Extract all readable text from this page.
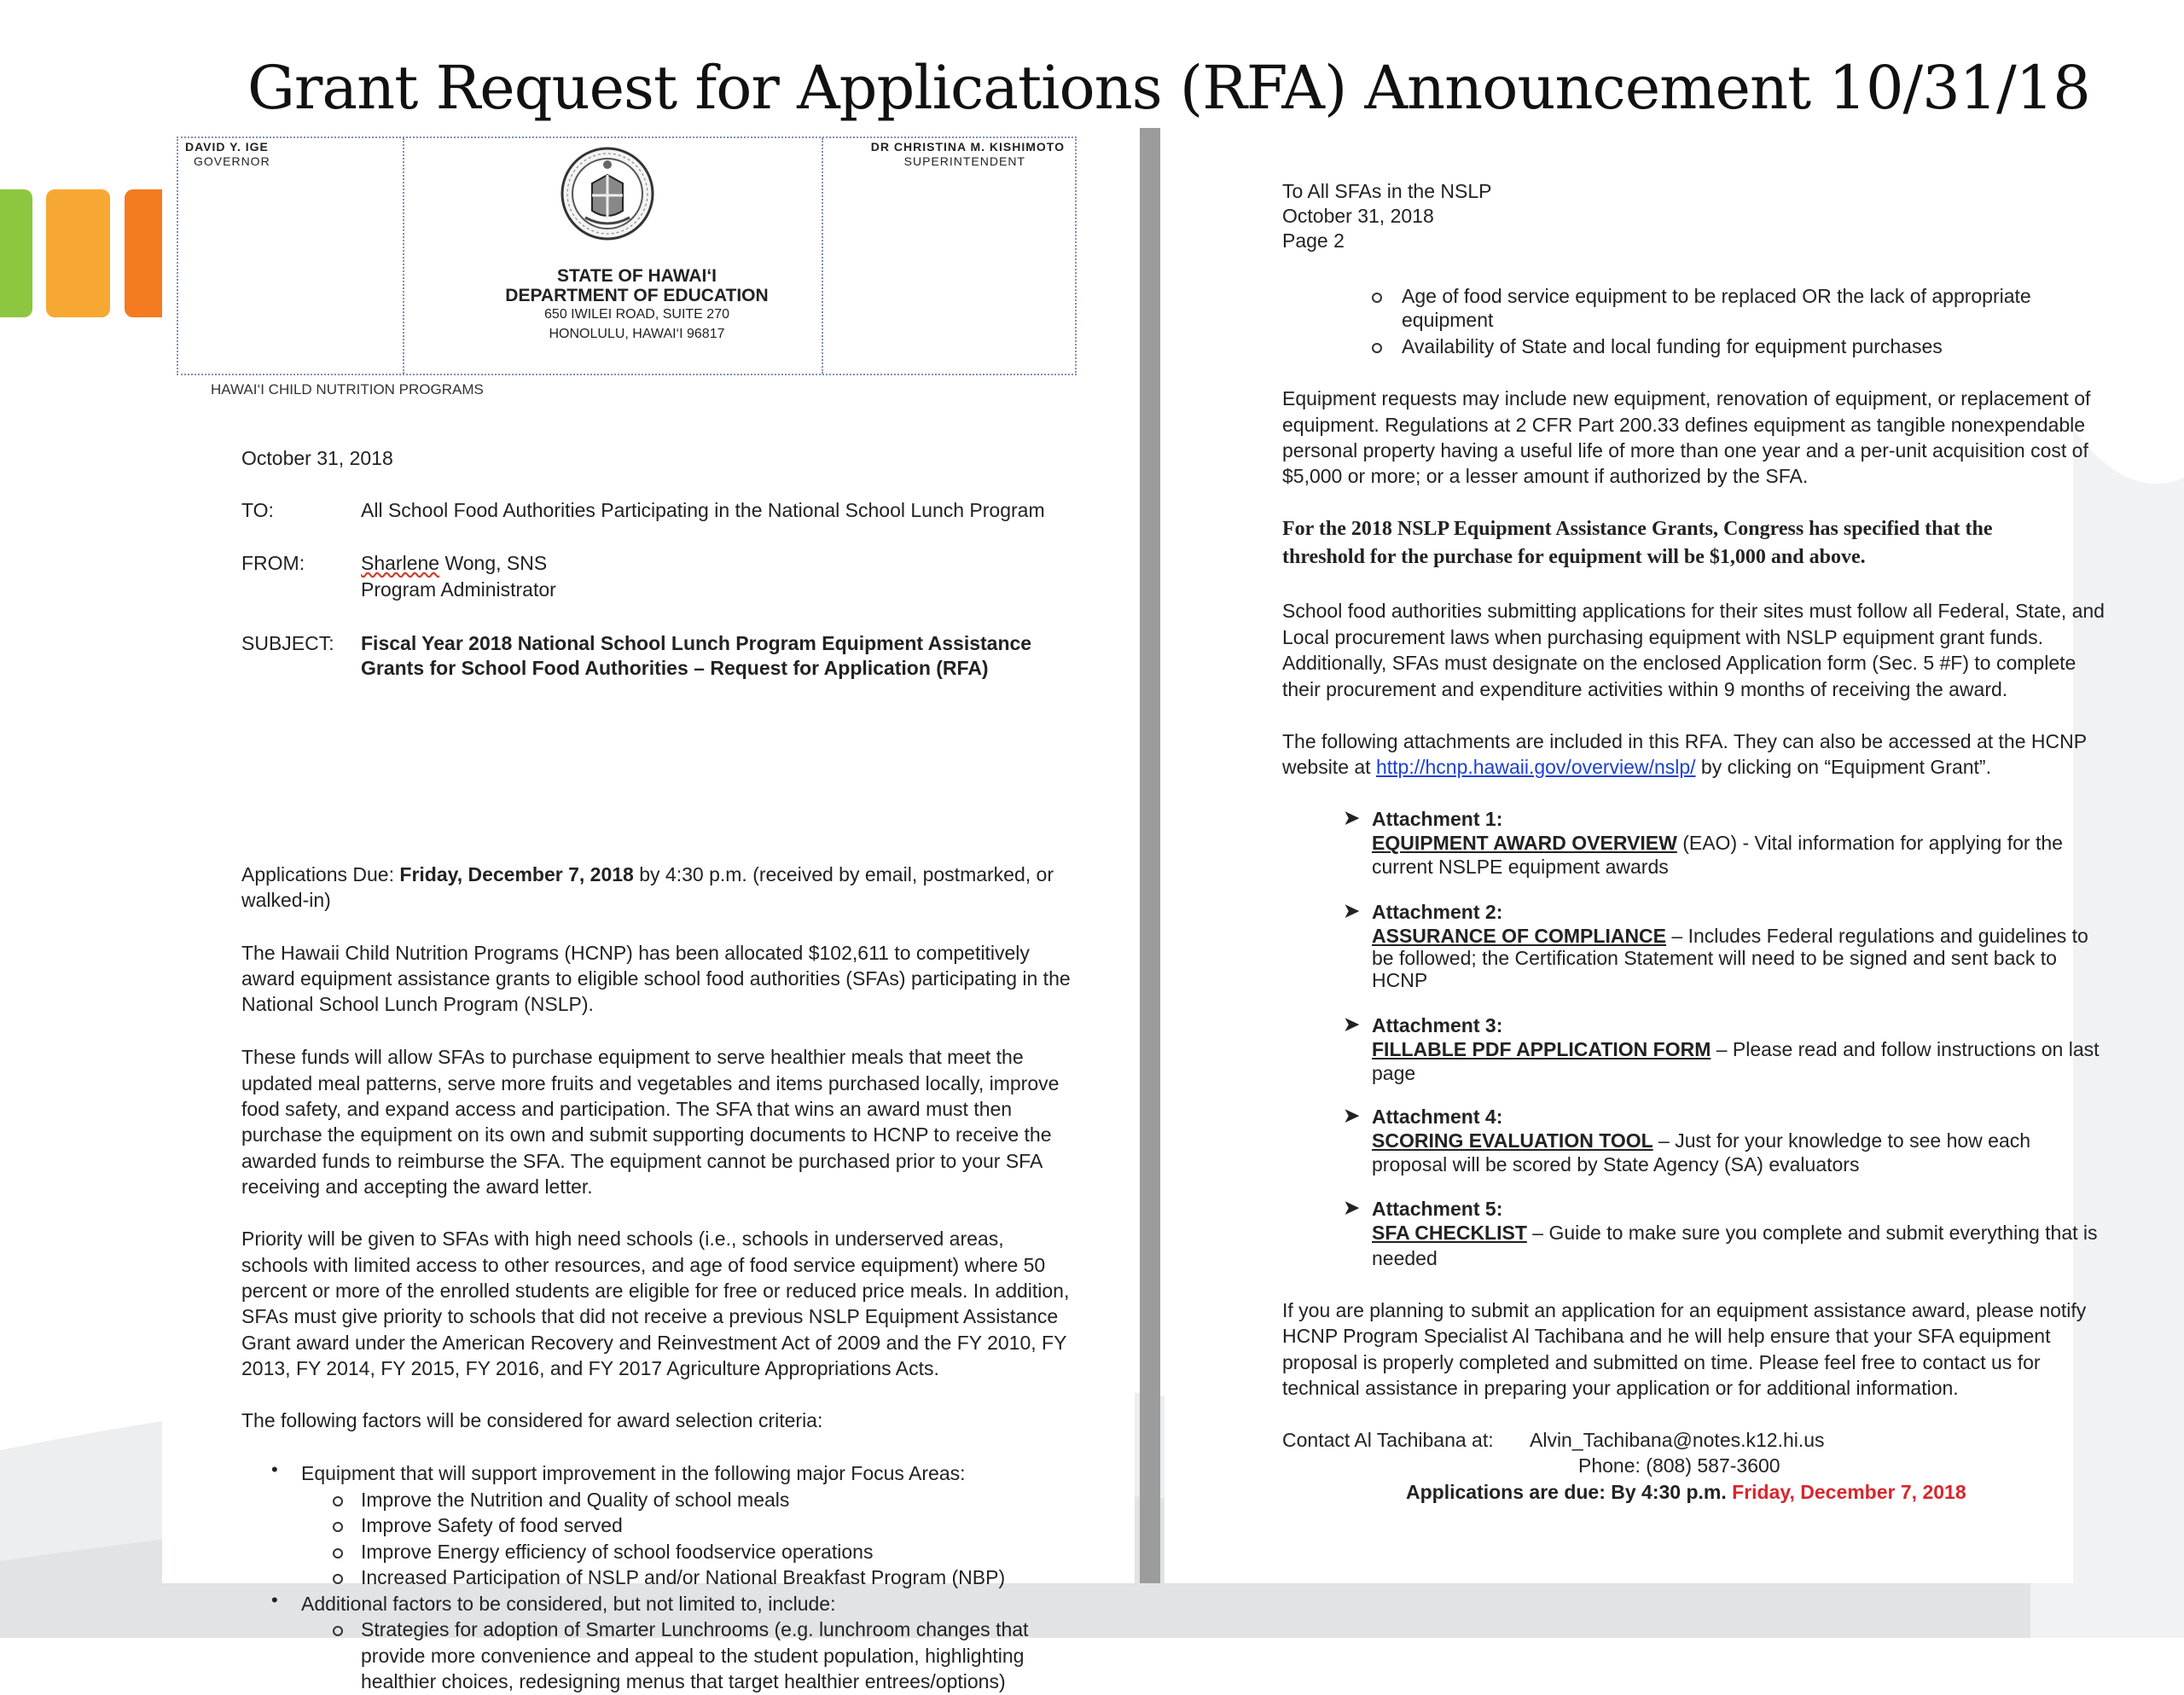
Grant Request for Applications (RFA) Announcement 10/31/18
DAVID Y. IGE
GOVERNOR
DR CHRISTINA M. KISHIMOTO
SUPERINTENDENT
STATE OF HAWAI‘I
DEPARTMENT OF EDUCATION
650 IWILEI ROAD, SUITE 270
HONOLULU, HAWAI‘I 96817
HAWAI‘I CHILD NUTRITION PROGRAMS
October 31, 2018
TO:	All School Food Authorities Participating in the National School Lunch Program
FROM:	Sharlene Wong, SNS
Program Administrator
SUBJECT: Fiscal Year 2018 National School Lunch Program Equipment Assistance
Grants for School Food Authorities – Request for Application (RFA)
Applications Due: Friday, December 7, 2018 by 4:30 p.m. (received by email, postmarked, or
walked-in)
The Hawaii Child Nutrition Programs (HCNP) has been allocated $102,611 to competitively
award equipment assistance grants to eligible school food authorities (SFAs) participating in the
National School Lunch Program (NSLP).
These funds will allow SFAs to purchase equipment to serve healthier meals that meet the
updated meal patterns, serve more fruits and vegetables and items purchased locally, improve
food safety, and expand access and participation. The SFA that wins an award must then
purchase the equipment on its own and submit supporting documents to HCNP to receive the
awarded funds to reimburse the SFA. The equipment cannot be purchased prior to your SFA
receiving and accepting the award letter.
Priority will be given to SFAs with high need schools (i.e., schools in underserved areas,
schools with limited access to other resources, and age of food service equipment) where 50
percent or more of the enrolled students are eligible for free or reduced price meals. In addition,
SFAs must give priority to schools that did not receive a previous NSLP Equipment Assistance
Grant award under the American Recovery and Reinvestment Act of 2009 and the FY 2010, FY
2013, FY 2014, FY 2015, FY 2016, and FY 2017 Agriculture Appropriations Acts.
The following factors will be considered for award selection criteria:
• Equipment that will support improvement in the following major Focus Areas:
Improve the Nutrition and Quality of school meals
Improve Safety of food served
Improve Energy efficiency of school foodservice operations
Increased Participation of NSLP and/or National Breakfast Program (NBP)
• Additional factors to be considered, but not limited to, include:
Strategies for adoption of Smarter Lunchrooms (e.g. lunchroom changes that
provide more convenience and appeal to the student population, highlighting
healthier choices, redesigning menus that target healthier entrees/options)
To All SFAs in the NSLP
October 31, 2018
Page 2
Age of food service equipment to be replaced OR the lack of appropriate
equipment
Availability of State and local funding for equipment purchases
Equipment requests may include new equipment, renovation of equipment, or replacement of
equipment. Regulations at 2 CFR Part 200.33 defines equipment as tangible nonexpendable
personal property having a useful life of more than one year and a per-unit acquisition cost of
$5,000 or more; or a lesser amount if authorized by the SFA.
For the 2018 NSLP Equipment Assistance Grants, Congress has specified that the
threshold for the purchase for equipment will be $1,000 and above.
School food authorities submitting applications for their sites must follow all Federal, State, and
Local procurement laws when purchasing equipment with NSLP equipment grant funds.
Additionally, SFAs must designate on the enclosed Application form (Sec. 5 #F) to complete
their procurement and expenditure activities within 9 months of receiving the award.
The following attachments are included in this RFA. They can also be accessed at the HCNP
website at http://hcnp.hawaii.gov/overview/nslp/ by clicking on “Equipment Grant”.
➤ Attachment 1:
EQUIPMENT AWARD OVERVIEW (EAO) - Vital information for applying for the
current NSLPE equipment awards
➤ Attachment 2:
ASSURANCE OF COMPLIANCE – Includes Federal regulations and guidelines to
be followed; the Certification Statement will need to be signed and sent back to
HCNP
➤ Attachment 3:
FILLABLE PDF APPLICATION FORM – Please read and follow instructions on last
page
➤ Attachment 4:
SCORING EVALUATION TOOL – Just for your knowledge to see how each
proposal will be scored by State Agency (SA) evaluators
➤ Attachment 5:
SFA CHECKLIST – Guide to make sure you complete and submit everything that is
needed
If you are planning to submit an application for an equipment assistance award, please notify
HCNP Program Specialist Al Tachibana and he will help ensure that your SFA equipment
proposal is properly completed and submitted on time. Please feel free to contact us for
technical assistance in preparing your application or for additional information.
Contact Al Tachibana at: Alvin_Tachibana@notes.k12.hi.us
Phone: (808) 587-3600
Applications are due: By 4:30 p.m. Friday, December 7, 2018
